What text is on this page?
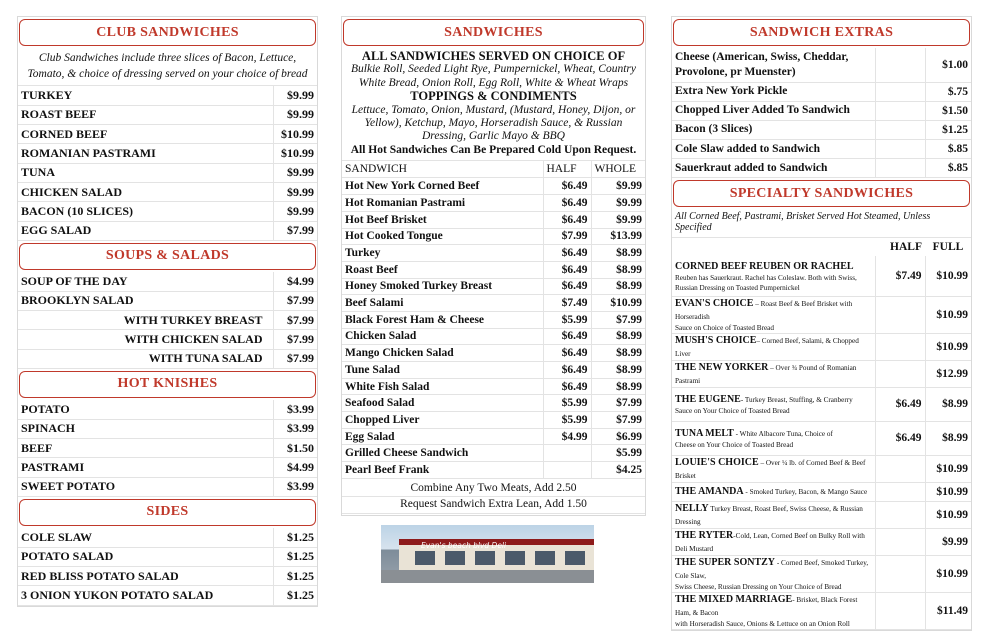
CLUB SANDWICHES
Club Sandwiches include three slices of Bacon, Lettuce, Tomato, & choice of dressing served on your choice of bread
TURKEY	$9.99
ROAST BEEF	$9.99
CORNED BEEF	$10.99
ROMANIAN PASTRAMI	$10.99
TUNA	$9.99
CHICKEN SALAD	$9.99
BACON (10 SLICES)	$9.99
EGG SALAD	$7.99
SOUPS & SALADS
SOUP OF THE DAY	$4.99
BROOKLYN SALAD	$7.99
WITH TURKEY BREAST	$7.99
WITH CHICKEN SALAD	$7.99
WITH TUNA SALAD	$7.99
HOT KNISHES
POTATO	$3.99
SPINACH	$3.99
BEEF	$1.50
PASTRAMI	$4.99
SWEET POTATO	$3.99
SIDES
COLE SLAW	$1.25
POTATO SALAD	$1.25
RED BLISS POTATO SALAD	$1.25
3 ONION YUKON POTATO SALAD	$1.25
SANDWICHES
ALL SANDWICHES SERVED ON CHOICE OF
Bulkie Roll, Seeded Light Rye, Pumpernickel, Wheat, Country White Bread, Onion Roll, Egg Roll, White & Wheat Wraps
TOPPINGS & CONDIMENTS
Lettuce, Tomato, Onion, Mustard, (Mustard, Honey, Dijon, or Yellow), Ketchup, Mayo, Horseradish Sauce, & Russian Dressing, Garlic Mayo & BBQ
All Hot Sandwiches Can Be Prepared Cold Upon Request.
SANDWICH	HALF	WHOLE
Hot New York Corned Beef	$6.49	$9.99
Hot Romanian Pastrami	$6.49	$9.99
Hot Beef Brisket	$6.49	$9.99
Hot Cooked Tongue	$7.99	$13.99
Turkey	$6.49	$8.99
Roast Beef	$6.49	$8.99
Honey Smoked Turkey Breast	$6.49	$8.99
Beef Salami	$7.49	$10.99
Black Forest Ham & Cheese	$5.99	$7.99
Chicken Salad	$6.49	$8.99
Mango Chicken Salad	$6.49	$8.99
Tune Salad	$6.49	$8.99
White Fish Salad	$6.49	$8.99
Seafood Salad	$5.99	$7.99
Chopped Liver	$5.99	$7.99
Egg Salad	$4.99	$6.99
Grilled Cheese Sandwich		$5.99
Pearl Beef Frank		$4.25
Combine Any Two Meats, Add 2.50
Request Sandwich Extra Lean, Add 1.50
Evan's beach blvd Deli
SANDWICH EXTRAS
Cheese (American, Swiss, Cheddar, Provolone, pr Muenster)		$1.00
Extra New York Pickle		$.75
Chopped Liver Added To Sandwich		$1.50
Bacon (3 Slices)		$1.25
Cole Slaw added to Sandwich		$.85
Sauerkraut added to Sandwich		$.85
SPECIALTY SANDWICHES
All Corned Beef, Pastrami, Brisket Served Hot Steamed, Unless Specified
	HALF	FULL
CORNED BEEF REUBEN OR RACHEL
Reuben has Sauerkraut. Rachel has Coleslaw. Both with Swiss, Russian Dressing on Toasted Pumpernickel	$7.49	$10.99
EVAN'S CHOICE – Roast Beef & Beef Brisket with Horseradish
Sauce on Choice of Toasted Bread		$10.99
MUSH'S CHOICE– Corned Beef, Salami, & Chopped Liver		$10.99
THE NEW YORKER – Over ¾ Pound of Romanian Pastrami		$12.99
THE EUGENE- Turkey Breast, Stuffing, & Cranberry
Sauce on Your Choice of Toasted Bread	$6.49	$8.99
TUNA MELT - White Albacore Tuna, Choice of
Cheese on Your Choice of Toasted Bread	$6.49	$8.99
LOUIE'S CHOICE – Over ¼ lb. of Corned Beef & Beef Brisket		$10.99
THE AMANDA - Smoked Turkey, Bacon, & Mango Sauce		$10.99
NELLY Turkey Breast, Roast Beef, Swiss Cheese, & Russian Dressing		$10.99
THE RYTER-Cold, Lean, Corned Beef on Bulky Roll with Deli Mustard		$9.99
THE SUPER SONTZY - Corned Beef, Smoked Turkey, Cole Slaw,
Swiss Cheese, Russian Dressing on Your Choice of Bread		$10.99
THE MIXED MARRIAGE- Brisket, Black Forest Ham, & Bacon
with Horseradish Sauce, Onions & Lettuce on an Onion Roll		$11.49
